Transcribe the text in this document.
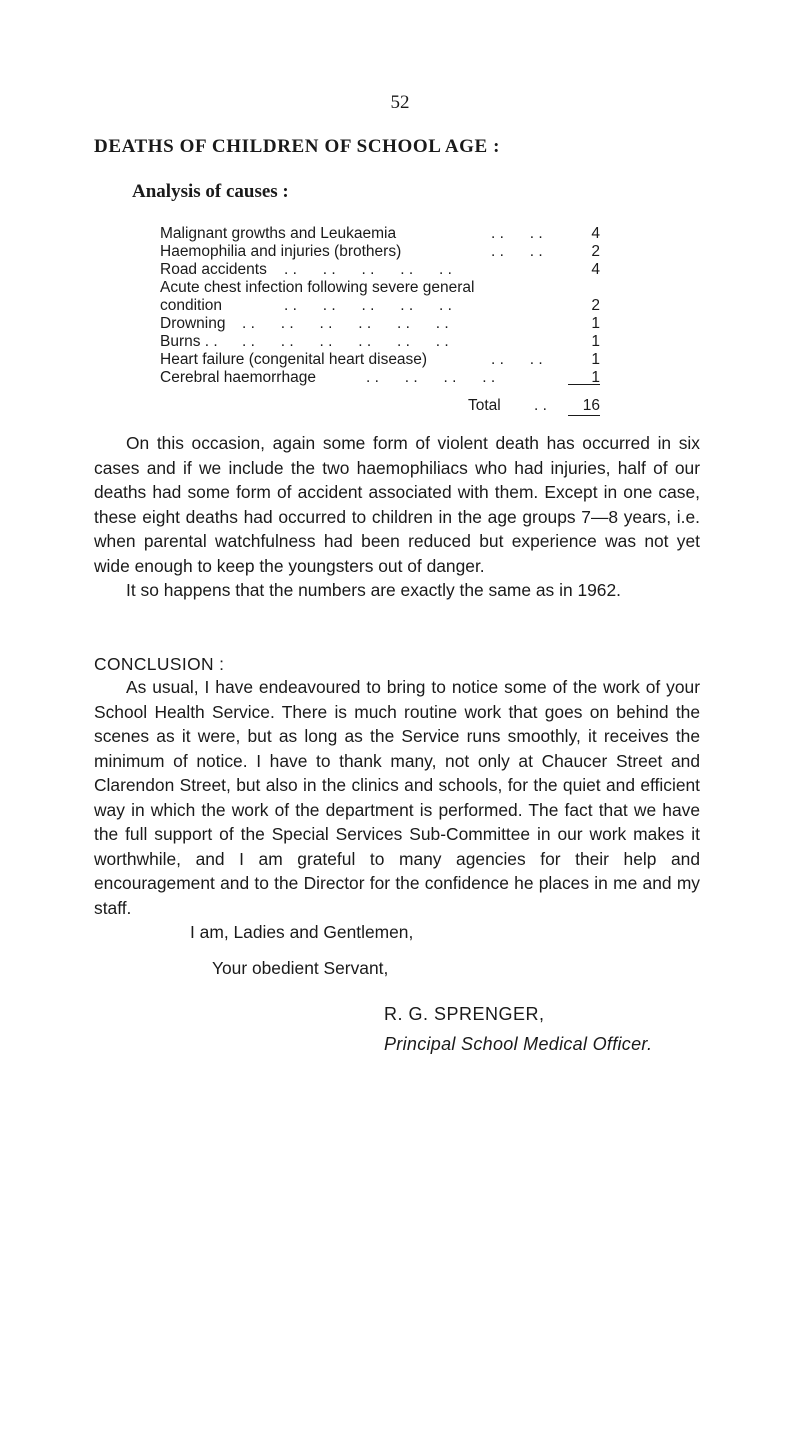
52
DEATHS OF CHILDREN OF SCHOOL AGE :
Analysis of causes :
Malignant growths and Leukaemia	. .      . .	4
Haemophilia and injuries (brothers)	. .      . .	2
Road accidents . .      . .      . .      . .      . .	4
Acute chest infection following severe general
condition	. .      . .      . .      . .      . .	2
Drowning . .      . .      . .      . .      . .      . .	1
Burns . . . .      . .      . .      . .      . .      . .	1
Heart failure (congenital heart disease)	. .      . .	1
Cerebral haemorrhage	. .      . .      . .      . .	1
Total . .	16

On this occasion, again some form of violent death has occurred in six cases and if we include the two haemophiliacs who had injuries, half of our deaths had some form of accident associated with them. Except in one case, these eight deaths had occurred to children in the age groups 7—8 years, i.e. when parental watchfulness had been reduced but experience was not yet wide enough to keep the youngsters out of danger.

It so happens that the numbers are exactly the same as in 1962.

CONCLUSION :

As usual, I have endeavoured to bring to notice some of the work of your School Health Service. There is much routine work that goes on behind the scenes as it were, but as long as the Service runs smoothly, it receives the minimum of notice. I have to thank many, not only at Chaucer Street and Clarendon Street, but also in the clinics and schools, for the quiet and efficient way in which the work of the department is performed. The fact that we have the full support of the Special Services Sub-Committee in our work makes it worthwhile, and I am grateful to many agencies for their help and encouragement and to the Director for the confidence he places in me and my staff.

I am, Ladies and Gentlemen,
Your obedient Servant,
R. G. SPRENGER,
Principal School Medical Officer.
